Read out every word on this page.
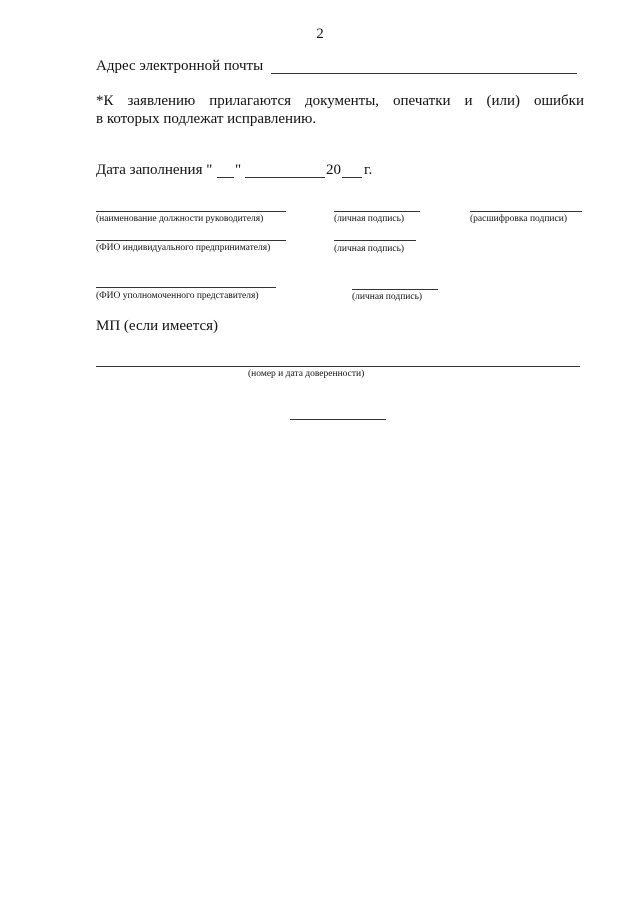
2
Адрес электронной почты
*К заявлению прилагаются документы, опечатки и (или) ошибки
в которых подлежат исправлению.
Дата заполнения " "	20 г.
(наименование должности руководителя)	(личная подпись)	(расшифровка подписи)
(ФИО индивидуального предпринимателя)	(личная подпись)
(ФИО уполномоченного представителя)	(личная подпись)
МП (если имеется)
(номер и дата доверенности)
